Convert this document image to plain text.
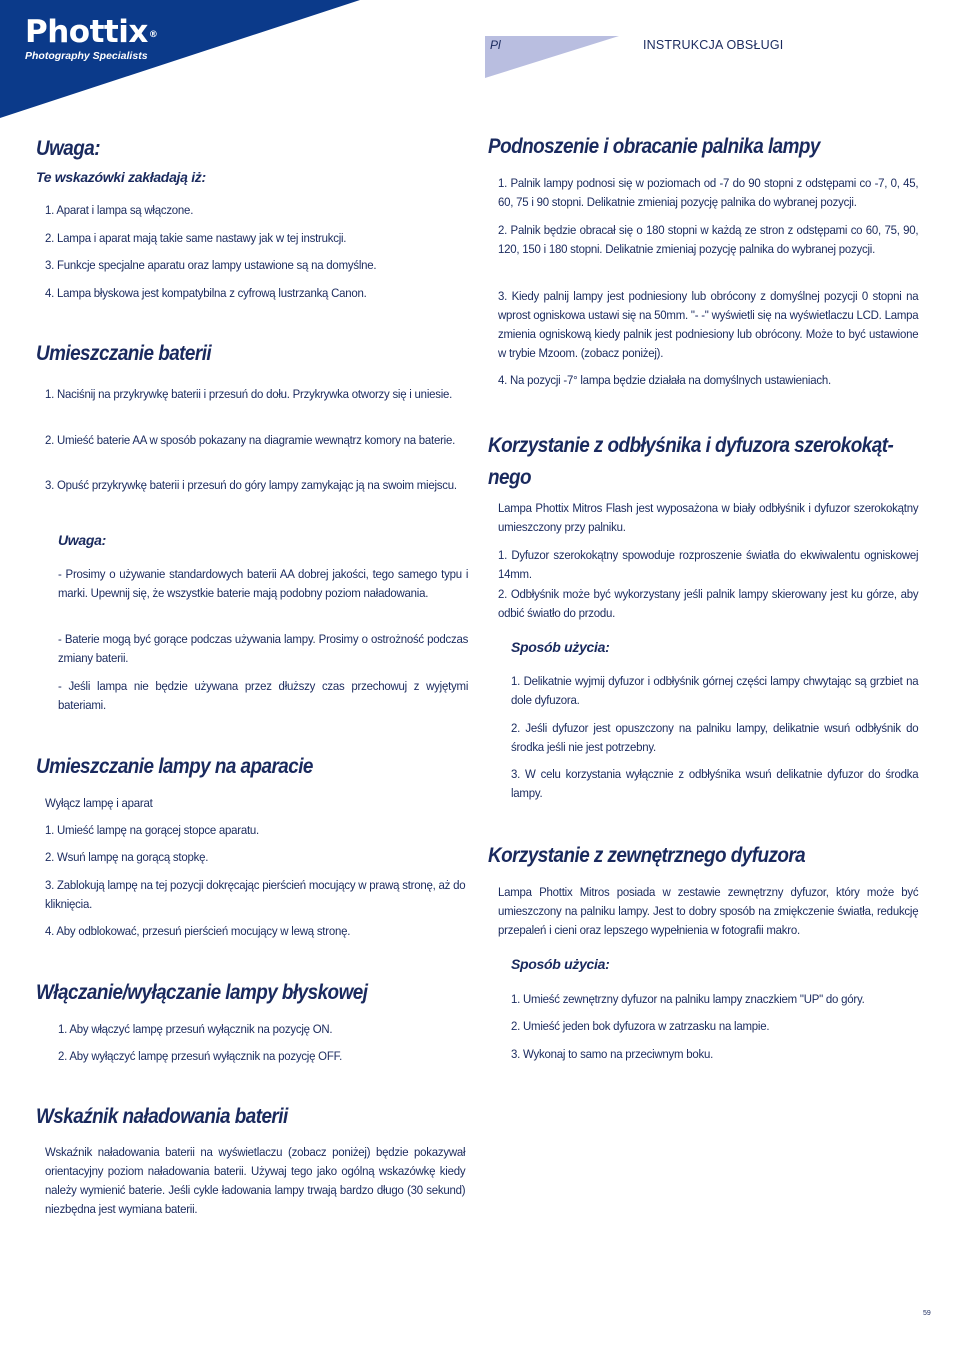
Phottix®
Photography Specialists
Pl	INSTRUKCJA OBSŁUGI
Uwaga:
Te wskazówki zakładają iż:

1. Aparat i lampa są włączone.

2. Lampa i aparat mają takie same nastawy jak w tej instrukcji.

3. Funkcje specjalne aparatu oraz lampy ustawione są na domyślne.

4. Lampa błyskowa jest kompatybilna z cyfrową lustrzanką Canon.

Umieszczanie baterii

1. Naciśnij na przykrywkę baterii i przesuń do dołu. Przykrywka otworzy się i uniesie.

2. Umieść baterie AA w sposób pokazany na diagramie wewnątrz komory na baterie.

3. Opuść przykrywkę baterii i przesuń do góry lampy zamykając ją na swoim miejscu.

Uwaga:

- Prosimy o używanie standardowych baterii AA dobrej jakości, tego samego typu i marki. Upewnij się, że wszystkie baterie mają podobny poziom naładowania.

- Baterie mogą być gorące podczas używania lampy. Prosimy o ostrożność podczas zmiany baterii.

- Jeśli lampa nie będzie używana przez dłuższy czas przechowuj z wyjętymi bateriami.

Umieszczanie lampy na aparacie

Wyłącz lampę i aparat

1. Umieść lampę na gorącej stopce aparatu.

2. Wsuń lampę na gorącą stopkę.

3. Zablokują lampę na tej pozycji dokręcając pierścień mocujący w prawą stronę, aż do kliknięcia.

4. Aby odblokować, przesuń pierścień mocujący w lewą stronę.

Włączanie/wyłączanie lampy błyskowej

1. Aby włączyć lampę przesuń wyłącznik na pozycję ON.

2. Aby wyłączyć lampę przesuń wyłącznik na pozycję OFF.

Wskaźnik naładowania baterii

Wskaźnik naładowania baterii na wyświetlaczu (zobacz poniżej) będzie pokazywał orientacyjny poziom naładowania baterii. Używaj tego jako ogólną wskazówkę kiedy należy wymienić baterie. Jeśli cykle ładowania lampy trwają bardzo długo (30 sekund) niezbędna jest wymiana baterii.

Podnoszenie i obracanie palnika lampy

1. Palnik lampy podnosi się w poziomach od -7 do 90 stopni z odstępami co -7, 0, 45, 60, 75 i 90 stopni. Delikatnie zmieniaj pozycję palnika do wybranej pozycji.

2. Palnik będzie obracał się o 180 stopni w każdą ze stron z odstępami co 60, 75, 90, 120, 150 i 180 stopni. Delikatnie zmieniaj pozycję palnika do wybranej pozycji.

3. Kiedy palnij lampy jest podniesiony lub obrócony z domyślnej pozycji 0 stopni na wprost ogniskowa ustawi się na 50mm. "- -" wyświetli się na wyświetlaczu LCD. Lampa zmienia ogniskową kiedy palnik jest podniesiony lub obrócony. Może to być ustawione w trybie Mzoom. (zobacz poniżej).

4. Na pozycji -7° lampa będzie działała na domyślnych ustawieniach.

Korzystanie z odbłyśnika i dyfuzora szerokokąt-nego

Lampa Phottix Mitros Flash jest wyposażona w biały odbłyśnik i dyfuzor szerokokątny umieszczony przy palniku.

1. Dyfuzor szerokokątny spowoduje rozproszenie światła do ekwiwalentu ogniskowej 14mm.

2. Odbłyśnik może być wykorzystany jeśli palnik lampy skierowany jest ku górze, aby odbić światło do przodu.

Sposób użycia:

1. Delikatnie wyjmij dyfuzor i odbłyśnik górnej części lampy chwytając są grzbiet na dole dyfuzora.

2. Jeśli dyfuzor jest opuszczony na palniku lampy, delikatnie wsuń odbłyśnik do środka jeśli nie jest potrzebny.

3. W celu korzystania wyłącznie z odbłyśnika wsuń delikatnie dyfuzor do środka lampy.

Korzystanie z zewnętrznego dyfuzora

Lampa Phottix Mitros posiada w zestawie zewnętrzny dyfuzor, który może być umieszczony na palniku lampy. Jest to dobry sposób na zmiękczenie światła, redukcję przepaleń i cieni oraz lepszego wypełnienia w fotografii makro.

Sposób użycia:

1. Umieść zewnętrzny dyfuzor na palniku lampy znaczkiem "UP" do góry.

2. Umieść jeden bok dyfuzora w zatrzasku na lampie.

3. Wykonaj to samo na przeciwnym boku.

59
